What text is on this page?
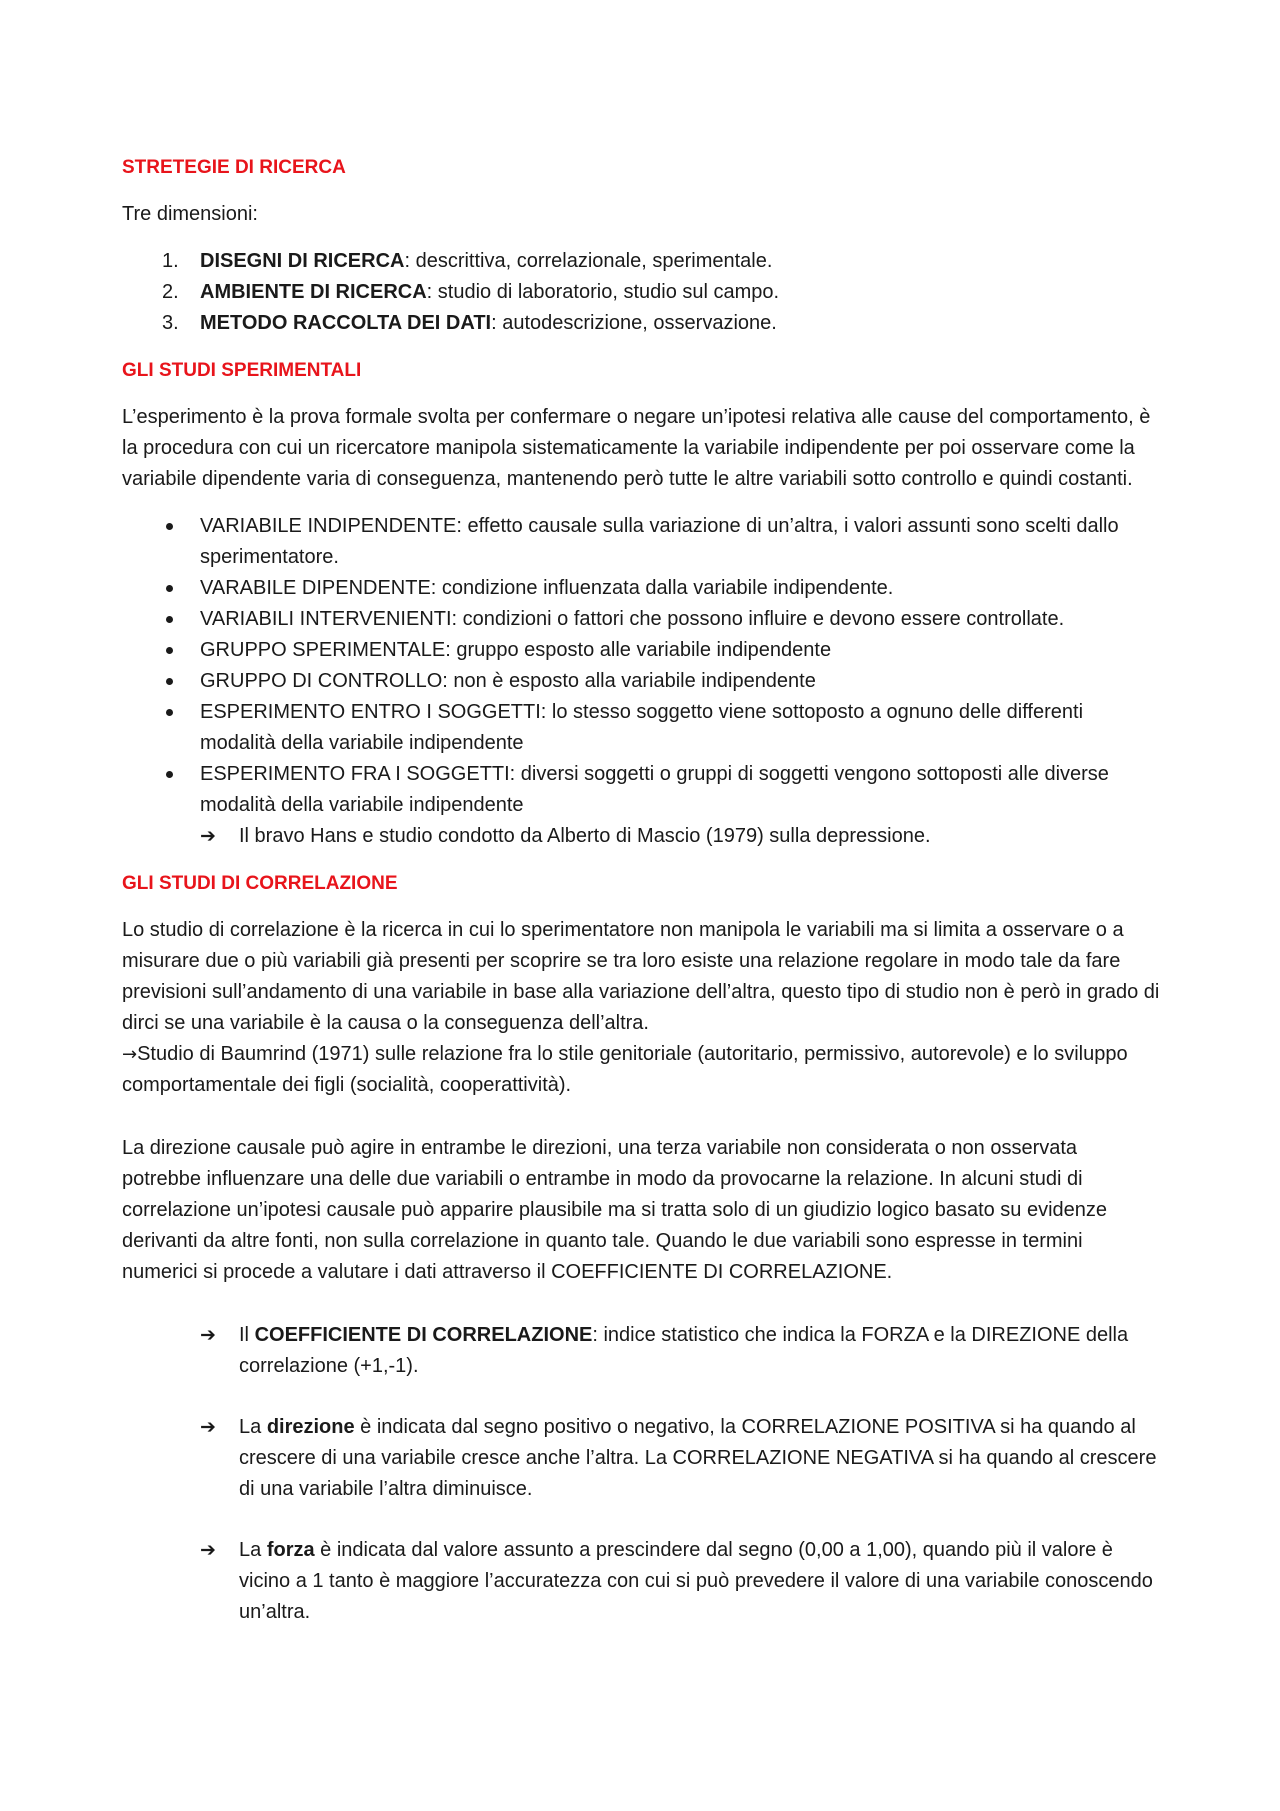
STRETEGIE DI RICERCA

Tre dimensioni:

1. DISEGNI DI RICERCA: descrittiva, correlazionale, sperimentale.
2. AMBIENTE DI RICERCA: studio di laboratorio, studio sul campo.
3. METODO RACCOLTA DEI DATI: autodescrizione, osservazione.
GLI STUDI SPERIMENTALI

L’esperimento è la prova formale svolta per confermare o negare un’ipotesi relativa alle cause del comportamento, è la procedura con cui un ricercatore manipola sistematicamente la variabile indipendente per poi osservare come la variabile dipendente varia di conseguenza, mantenendo però tutte le altre variabili sotto controllo e quindi costanti.

VARIABILE INDIPENDENTE: effetto causale sulla variazione di un’altra, i valori assunti sono scelti dallo sperimentatore.
VARABILE DIPENDENTE: condizione influenzata dalla variabile indipendente.
VARIABILI INTERVENIENTI: condizioni o fattori che possono influire e devono essere controllate.
GRUPPO SPERIMENTALE: gruppo esposto alle variabile indipendente
GRUPPO DI CONTROLLO: non è esposto alla variabile indipendente
ESPERIMENTO ENTRO I SOGGETTI: lo stesso soggetto viene sottoposto a ognuno delle differenti modalità della variabile indipendente
ESPERIMENTO FRA I SOGGETTI: diversi soggetti o gruppi di soggetti vengono sottoposti alle diverse modalità della variabile indipendente
➔ Il bravo Hans e studio condotto da Alberto di Mascio (1979) sulla depressione.
GLI STUDI DI CORRELAZIONE

Lo studio di correlazione è la ricerca in cui lo sperimentatore non manipola le variabili ma si limita a osservare o a misurare due o più variabili già presenti per scoprire se tra loro esiste una relazione regolare in modo tale da fare previsioni sull’andamento di una variabile in base alla variazione dell’altra, questo tipo di studio non è però in grado di dirci se una variabile è la causa o la conseguenza dell’altra.
→Studio di Baumrind (1971) sulle relazione fra lo stile genitoriale (autoritario, permissivo, autorevole) e lo sviluppo comportamentale dei figli (socialità, cooperattività).

La direzione causale può agire in entrambe le direzioni, una terza variabile non considerata o non osservata potrebbe influenzare una delle due variabili o entrambe in modo da provocarne la relazione. In alcuni studi di correlazione un’ipotesi causale può apparire plausibile ma si tratta solo di un giudizio logico basato su evidenze derivanti da altre fonti, non sulla correlazione in quanto tale. Quando le due variabili sono espresse in termini numerici si procede a valutare i dati attraverso il COEFFICIENTE DI CORRELAZIONE.

➔ Il COEFFICIENTE DI CORRELAZIONE: indice statistico che indica la FORZA e la DIREZIONE della correlazione (+1,-1).
➔ La direzione è indicata dal segno positivo o negativo, la CORRELAZIONE POSITIVA si ha quando al crescere di una variabile cresce anche l’altra. La CORRELAZIONE NEGATIVA si ha quando al crescere di una variabile l’altra diminuisce.
➔ La forza è indicata dal valore assunto a prescindere dal segno (0,00 a 1,00), quando più il valore è vicino a 1 tanto è maggiore l’accuratezza con cui si può prevedere il valore di una variabile conoscendo un’altra.
